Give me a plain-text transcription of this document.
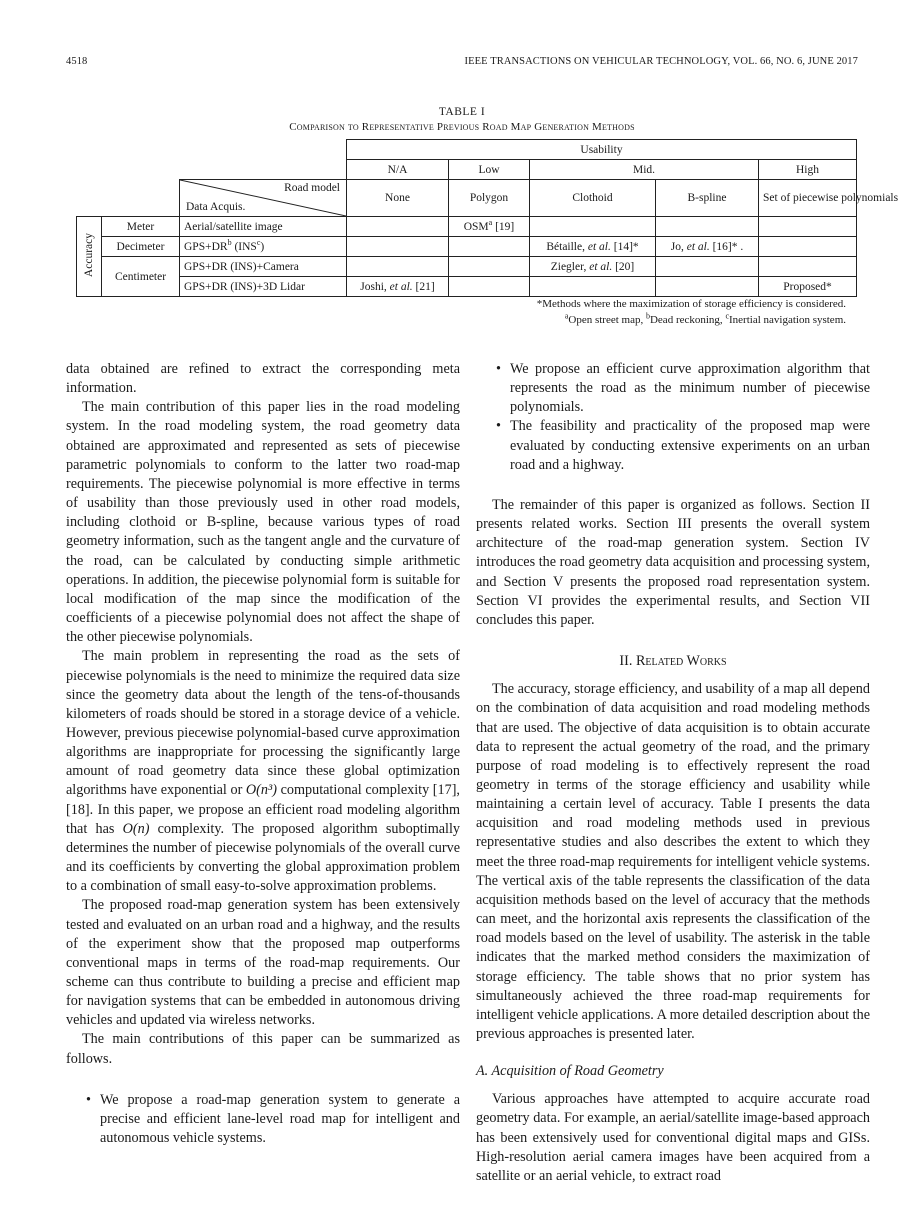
4518	IEEE TRANSACTIONS ON VEHICULAR TECHNOLOGY, VOL. 66, NO. 6, JUNE 2017
TABLE I
Comparison to Representative Previous Road Map Generation Methods
			Usability				
			N/A	Low	Mid.		High

		Road model
Data Acquis.	None	Polygon	Clothoid	B-spline	Set of piecewise polynomials
Accuracy	Meter	Aerial/satellite image		OSM$^a$ [19]			
	Decimeter	$GPS+DR^b$ (INS$^c$)			Bétaille, et al. [14]*	Jo, et al. [16]* .	
	Centimeter	GPS+DR (INS)+Camera			Ziegler, et al. [20]		
		GPS+DR (INS)+3D Lidar	Joshi, et al. [21]				Proposed*
*Methods where the maximization of storage efficiency is considered.
$^a$Open street map, $^b$Dead reckoning, $^c$Inertial navigation system.

data obtained are refined to extract the corresponding meta information.

The main contribution of this paper lies in the road modeling system. In the road modeling system, the road geometry data obtained are approximated and represented as sets of piecewise parametric polynomials to conform to the latter two road-map requirements. The piecewise polynomial is more effective in terms of usability than those previously used in other road models, including clothoid or B-spline, because various types of road geometry information, such as the tangent angle and the curvature of the road, can be calculated by conducting simple arithmetic operations. In addition, the piecewise polynomial form is suitable for local modification of the map since the modification of the coefficients of a piecewise polynomial does not affect the shape of the other piecewise polynomials.

The main problem in representing the road as the sets of piecewise polynomials is the need to minimize the required data size since the geometry data about the length of the tens-of-thousands kilometers of roads should be stored in a storage device of a vehicle. However, previous piecewise polynomial-based curve approximation algorithms are inappropriate for processing the significantly large amount of road geometry data since these global optimization algorithms have exponential or O(n³) computational complexity [17], [18]. In this paper, we propose an efficient road modeling algorithm that has O(n) complexity. The proposed algorithm suboptimally determines the number of piecewise polynomials of the overall curve and its coefficients by converting the global approximation problem to a combination of small easy-to-solve approximation problems.

The proposed road-map generation system has been extensively tested and evaluated on an urban road and a highway, and the results of the experiment show that the proposed map outperforms conventional maps in terms of the road-map requirements. Our scheme can thus contribute to building a precise and efficient map for navigation systems that can be embedded in autonomous driving vehicles and updated via wireless networks.

The main contributions of this paper can be summarized as follows.

• We propose a road-map generation system to generate a precise and efficient lane-level road map for intelligent and autonomous vehicle systems.
• We propose an efficient curve approximation algorithm that represents the road as the minimum number of piecewise polynomials.
• The feasibility and practicality of the proposed map were evaluated by conducting extensive experiments on an urban road and a highway.

The remainder of this paper is organized as follows. Section II presents related works. Section III presents the overall system architecture of the road-map generation system. Section IV introduces the road geometry data acquisition and processing system, and Section V presents the proposed road representation system. Section VI provides the experimental results, and Section VII concludes this paper.

II. Related Works

The accuracy, storage efficiency, and usability of a map all depend on the combination of data acquisition and road modeling methods that are used. The objective of data acquisition is to obtain accurate data to represent the actual geometry of the road, and the primary purpose of road modeling is to effectively represent the road geometry in terms of the storage efficiency and usability while maintaining a certain level of accuracy. Table I presents the data acquisition and road modeling methods used in previous representative studies and also describes the extent to which they meet the three road-map requirements for intelligent vehicle systems. The vertical axis of the table represents the classification of the data acquisition methods based on the level of accuracy that the methods can meet, and the horizontal axis represents the classification of the road models based on the level of usability. The asterisk in the table indicates that the marked method considers the maximization of storage efficiency. The table shows that no prior system has simultaneously achieved the three road-map requirements for intelligent vehicle applications. A more detailed description about the previous approaches is presented later.

A. Acquisition of Road Geometry

Various approaches have attempted to acquire accurate road geometry data. For example, an aerial/satellite image-based approach has been extensively used for conventional digital maps and GISs. High-resolution aerial camera images have been acquired from a satellite or an aerial vehicle, to extract road
